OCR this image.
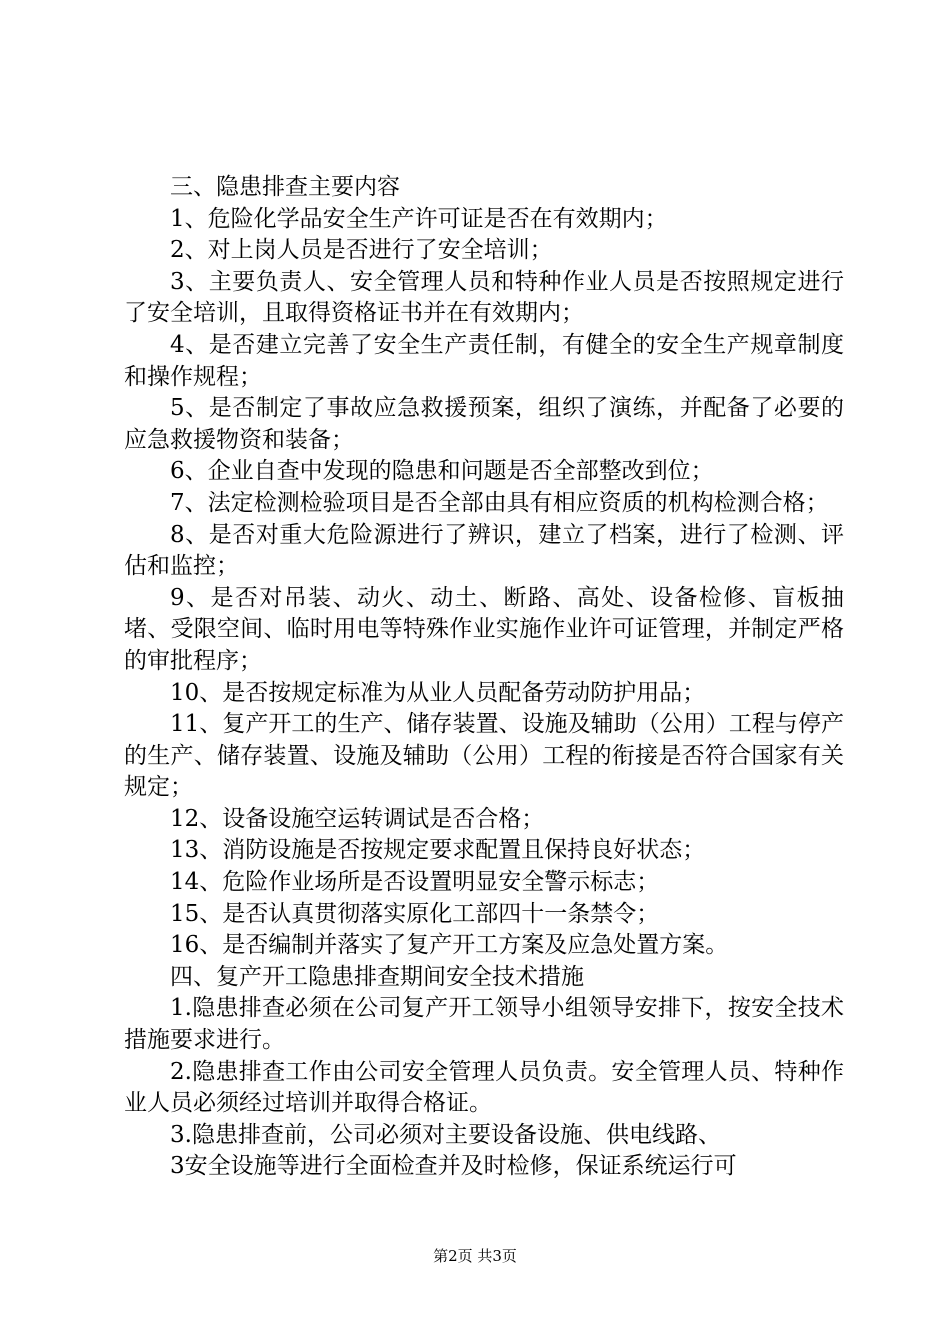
三、隐患排查主要内容

1、危险化学品安全生产许可证是否在有效期内；

2、对上岗人员是否进行了安全培训；

3、主要负责人、安全管理人员和特种作业人员是否按照规定进行了安全培训，且取得资格证书并在有效期内；

4、是否建立完善了安全生产责任制，有健全的安全生产规章制度和操作规程；

5、是否制定了事故应急救援预案，组织了演练，并配备了必要的应急救援物资和装备；

6、企业自查中发现的隐患和问题是否全部整改到位；

7、法定检测检验项目是否全部由具有相应资质的机构检测合格；

8、是否对重大危险源进行了辨识，建立了档案，进行了检测、评估和监控；

9、是否对吊装、动火、动土、断路、高处、设备检修、盲板抽堵、受限空间、临时用电等特殊作业实施作业许可证管理，并制定严格的审批程序；

10、是否按规定标准为从业人员配备劳动防护用品；

11、复产开工的生产、储存装置、设施及辅助（公用）工程与停产的生产、储存装置、设施及辅助（公用）工程的衔接是否符合国家有关规定；

12、设备设施空运转调试是否合格；

13、消防设施是否按规定要求配置且保持良好状态；

14、危险作业场所是否设置明显安全警示标志；

15、是否认真贯彻落实原化工部四十一条禁令；

16、是否编制并落实了复产开工方案及应急处置方案。

四、复产开工隐患排查期间安全技术措施

1.隐患排查必须在公司复产开工领导小组领导安排下，按安全技术措施要求进行。

2.隐患排查工作由公司安全管理人员负责。安全管理人员、特种作业人员必须经过培训并取得合格证。

3.隐患排查前，公司必须对主要设备设施、供电线路、

3安全设施等进行全面检查并及时检修，保证系统运行可

第2页 共3页
